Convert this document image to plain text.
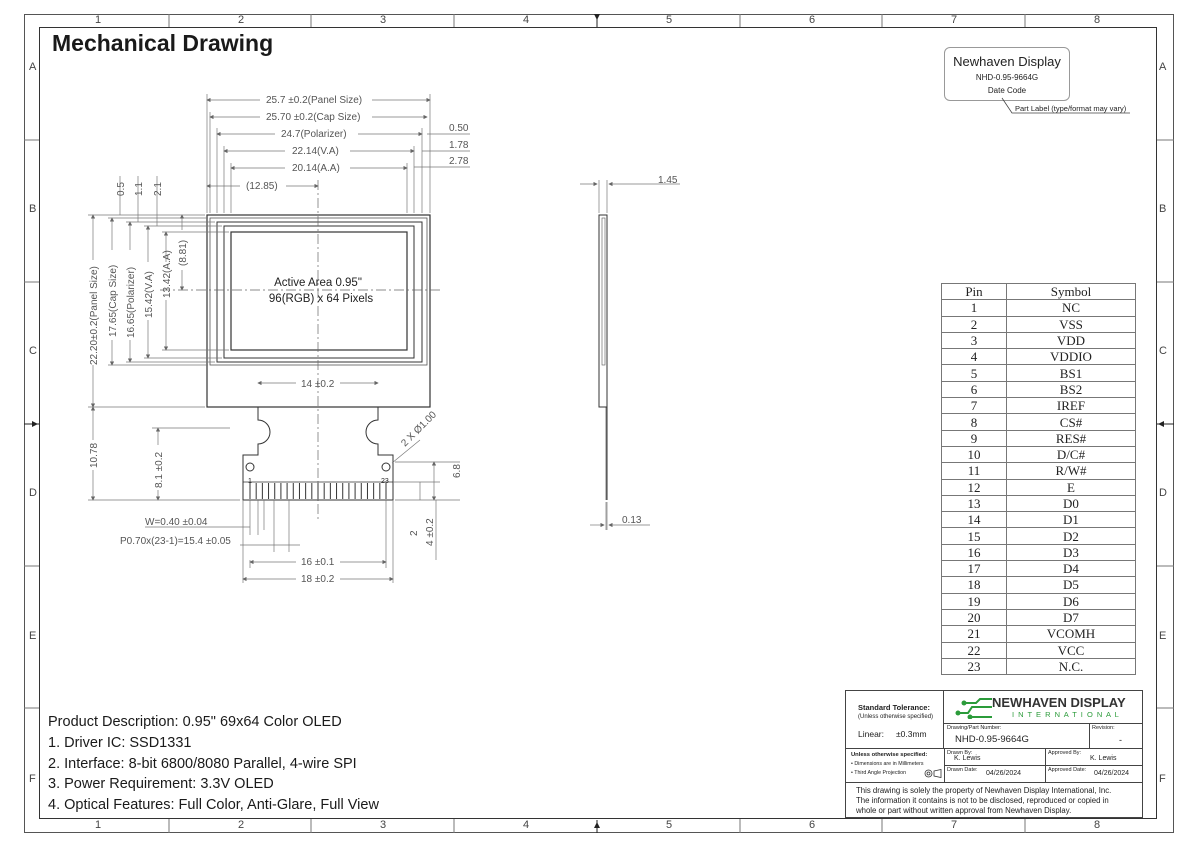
1	2	3	4	5	6	7	8
1	2	3	4	5	6	7	8
A
B
C
D
E
F
A
B
C
D
E
F
Mechanical Drawing
Newhaven Display
NHD-0.95-9664G
Date Code
Part Label (type/format may vary)
25.7 ±0.2(Panel Size)
25.70 ±0.2(Cap Size)
24.7(Polarizer)
22.14(V.A)
20.14(A.A)
(12.85)
0.50
1.78
2.78
0.5 1.1 2.1
(8.81)
22.20±0.2(Panel Size) 17.65(Cap Size) 16.65(Polarizer) 15.42(V.A) 13.42(A.A)
14 ±0.2
10.78	8.1 ±0.2
2 X Ø1.00
6.8
W=0.40 ±0.04
P0.70x(23-1)=15.4 ±0.05
2 4 ±0.2
16 ±0.1
18 ±0.2
23
1
Active Area 0.95"
96(RGB) x 64 Pixels
1.45
0.13
Pin	Symbol
1	NC
2	VSS
3	VDD
4	VDDIO
5	BS1
6	BS2
7	IREF
8	CS#
9	RES#
10	D/C#
11	R/W#
12	E
13	D0
14	D1
15	D2
16	D3
17	D4
18	D5
19	D6
20	D7
21	VCOMH
22	VCC
23	N.C.
Product Description: 0.95" 69x64 Color OLED
1. Driver IC: SSD1331
2. Interface: 8-bit 6800/8080 Parallel, 4-wire SPI
3. Power Requirement: 3.3V OLED
4. Optical Features: Full Color, Anti-Glare, Full View
Standard Tolerance:
(Unless otherwise specified)
Linear: ±0.3mm
NEWHAVEN DISPLAY
I N T E R N A T I O N A L
Drawing/Part Number:
NHD-0.95-9664G
Revision:
-
Unless otherwise specified:
• Dimensions are in Millimeters
• Third Angle Projection
Drawn By:
K. Lewis
Approved By:
K. Lewis
Drawn Date: 04/26/2024	Approved Date: 04/26/2024
This drawing is solely the property of Newhaven Display International, Inc.
The information it contains is not to be disclosed, reproduced or copied in
whole or part without written approval from Newhaven Display.
